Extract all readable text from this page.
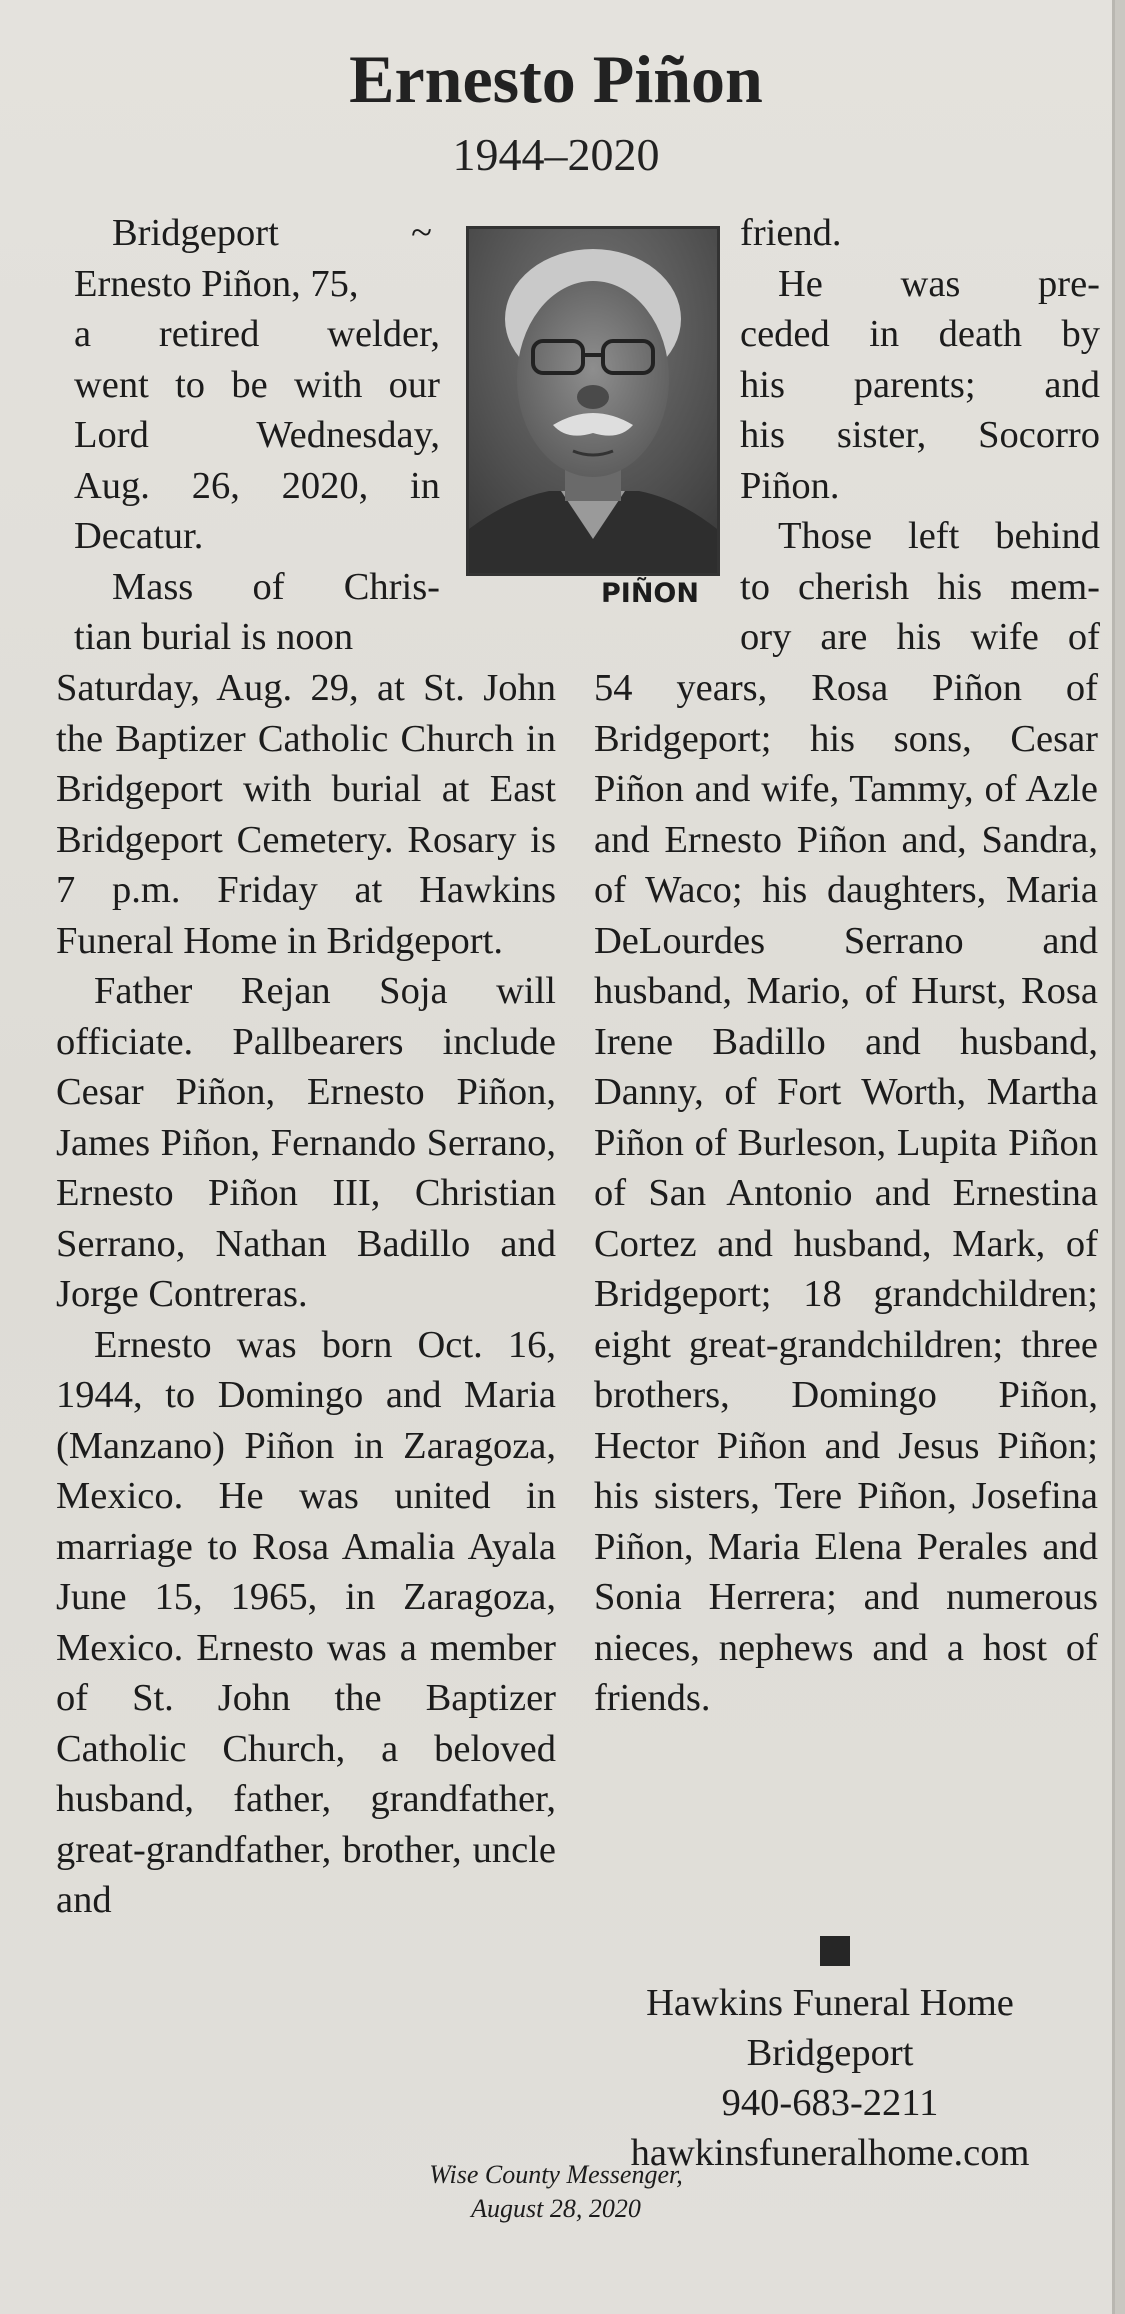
Ernesto Piñon
1944–2020
Bridgeport	~
Ernesto Piñon, 75,
a retired welder,
went to be with our
Lord Wednesday,
Aug. 26, 2020, in
Decatur.
Mass of Chris-
tian burial is noon

Saturday, Aug. 29, at St. John the Baptizer Catholic Church in Bridgeport with burial at East Bridgeport Cemetery. Rosary is 7 p.m. Friday at Hawkins Funeral Home in Bridgeport.

Father Rejan Soja will officiate. Pallbearers include Cesar Piñon, Ernesto Piñon, James Piñon, Fernando Serrano, Ernesto Piñon III, Christian Serrano, Nathan Badillo and Jorge Contreras.

Ernesto was born Oct. 16, 1944, to Domingo and Maria (Manzano) Piñon in Zaragoza, Mexico. He was united in marriage to Rosa Amalia Ayala June 15, 1965, in Zaragoza, Mexico. Ernesto was a member of St. John the Baptizer Catholic Church, a beloved husband, father, grandfather, great-grandfather, brother, uncle and

PIÑON
friend.
He was pre-
ceded in death by
his parents; and
his sister, Socorro
Piñon.
Those left behind
to cherish his mem-
ory are his wife of

54 years, Rosa Piñon of Bridgeport; his sons, Cesar Piñon and wife, Tammy, of Azle and Ernesto Piñon and, Sandra, of Waco; his daughters, Maria DeLourdes Serrano and husband, Mario, of Hurst, Rosa Irene Badillo and husband, Danny, of Fort Worth, Martha Piñon of Burleson, Lupita Piñon of San Antonio and Ernestina Cortez and husband, Mark, of Bridgeport; 18 grandchildren; eight great-grandchildren; three brothers, Domingo Piñon, Hector Piñon and Jesus Piñon; his sisters, Tere Piñon, Josefina Piñon, Maria Elena Perales and Sonia Herrera; and numerous nieces, nephews and a host of friends.

Hawkins Funeral Home
Bridgeport
940-683-2211
hawkinsfuneralhome.com
Wise County Messenger,
August 28, 2020
